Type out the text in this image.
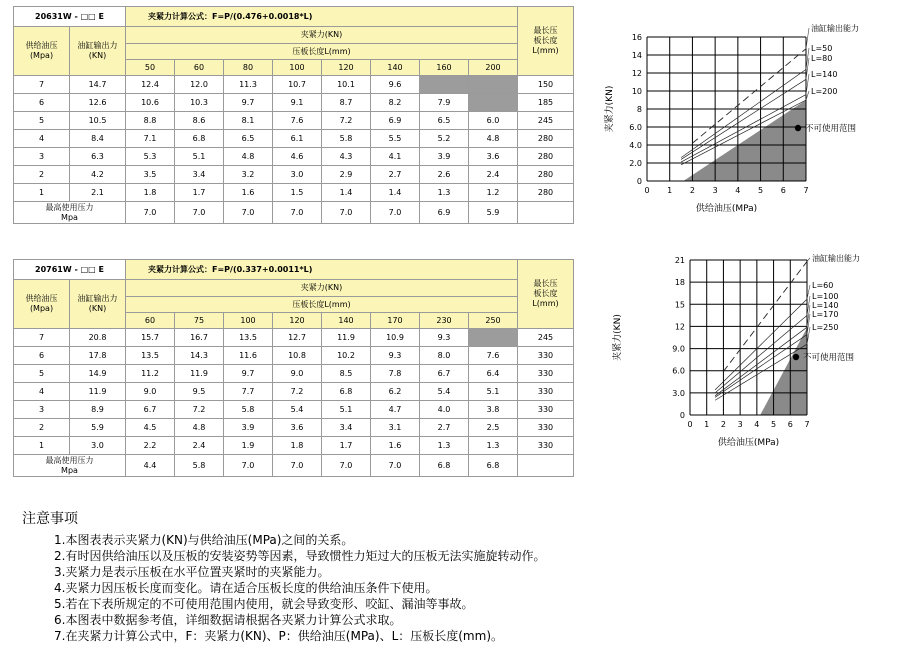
20631W - □□ E		夹紧力计算公式：F=P/(0.476+0.0018*L)								最长压
板长度
L(mm)
供给油压
(Mpa)	油缸输出力
(KN)	夹紧力(KN)								
		压板长度L(mm)								
		50	60	80	100	120	140	160	200	
7	14.7	12.4	12.0	11.3	10.7	10.1	9.6			150
6	12.6	10.6	10.3	9.7	9.1	8.7	8.2	7.9		185
5	10.5	8.8	8.6	8.1	7.6	7.2	6.9	6.5	6.0	245
4	8.4	7.1	6.8	6.5	6.1	5.8	5.5	5.2	4.8	280
3	6.3	5.3	5.1	4.8	4.6	4.3	4.1	3.9	3.6	280
2	4.2	3.5	3.4	3.2	3.0	2.9	2.7	2.6	2.4	280
1	2.1	1.8	1.7	1.6	1.5	1.4	1.4	1.3	1.2	280
最高使用压力
Mpa		7.0	7.0	7.0	7.0	7.0	7.0	6.9	5.9	
20761W - □□ E		夹紧力计算公式：F=P/(0.337+0.0011*L)								最长压
板长度
L(mm)
供给油压
(Mpa)	油缸输出力
(KN)	夹紧力(KN)								
		压板长度L(mm)								
		60	75	100	120	140	170	230	250	
7	20.8	15.7	16.7	13.5	12.7	11.9	10.9	9.3		245
6	17.8	13.5	14.3	11.6	10.8	10.2	9.3	8.0	7.6	330
5	14.9	11.2	11.9	9.7	9.0	8.5	7.8	6.7	6.4	330
4	11.9	9.0	9.5	7.7	7.2	6.8	6.2	5.4	5.1	330
3	8.9	6.7	7.2	5.8	5.4	5.1	4.7	4.0	3.8	330
2	5.9	4.5	4.8	3.9	3.6	3.4	3.1	2.7	2.5	330
1	3.0	2.2	2.4	1.9	1.8	1.7	1.6	1.3	1.3	330
最高使用压力
Mpa		4.4	5.8	7.0	7.0	7.0	7.0	6.8	6.8	
0 1 2 3 4 5 6 7
0
2.0
4.0
6.0
8
10
12
14
16
供给油压(MPa)
夹紧力(KN)
油缸输出能力
L=50
L=80
L=140
L=200
不可使用范围
0 1 2 3 4 5 6 7
0
3.0
6.0
9.0
12
15
18
21
供给油压(MPa)
夹紧力(KN)
油缸输出能力
L=60
L=100
L=140
L=170
L=250
不可使用范围
注意事项
1.本图表表示夹紧力(KN)与供给油压(MPa)之间的关系。
2.有时因供给油压以及压板的安装姿势等因素，导致惯性力矩过大的压板无法实施旋转动作。
3.夹紧力是表示压板在水平位置夹紧时的夹紧能力。
4.夹紧力因压板长度而变化。请在适合压板长度的供给油压条件下使用。
5.若在下表所规定的不可使用范围内使用，就会导致变形、咬缸、漏油等事故。
6.本图表中数据参考值，详细数据请根据各夹紧力计算公式求取。
7.在夹紧力计算公式中，F：夹紧力(KN)、P：供给油压(MPa)、L：压板长度(mm)。
